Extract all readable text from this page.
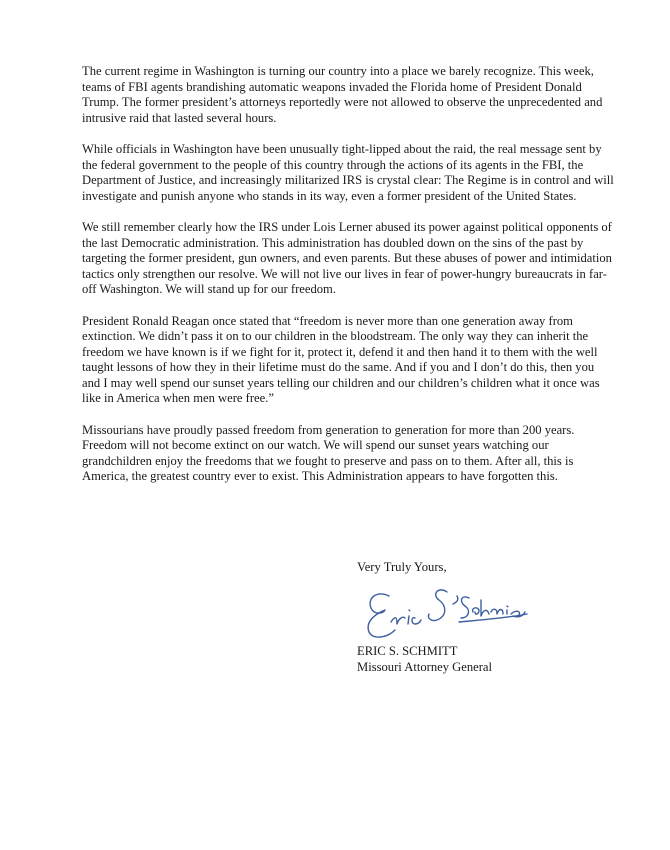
The current regime in Washington is turning our country into a place we barely recognize. This week, teams of FBI agents brandishing automatic weapons invaded the Florida home of President Donald Trump. The former president’s attorneys reportedly were not allowed to observe the unprecedented and intrusive raid that lasted several hours.

While officials in Washington have been unusually tight-lipped about the raid, the real message sent by the federal government to the people of this country through the actions of its agents in the FBI, the Department of Justice, and increasingly militarized IRS is crystal clear: The Regime is in control and will investigate and punish anyone who stands in its way, even a former president of the United States.

We still remember clearly how the IRS under Lois Lerner abused its power against political opponents of the last Democratic administration. This administration has doubled down on the sins of the past by targeting the former president, gun owners, and even parents. But these abuses of power and intimidation tactics only strengthen our resolve. We will not live our lives in fear of power-hungry bureaucrats in far-off Washington. We will stand up for our freedom.

President Ronald Reagan once stated that “freedom is never more than one generation away from extinction. We didn’t pass it on to our children in the bloodstream. The only way they can inherit the freedom we have known is if we fight for it, protect it, defend it and then hand it to them with the well taught lessons of how they in their lifetime must do the same. And if you and I don’t do this, then you and I may well spend our sunset years telling our children and our children’s children what it once was like in America when men were free.”

Missourians have proudly passed freedom from generation to generation for more than 200 years. Freedom will not become extinct on our watch. We will spend our sunset years watching our grandchildren enjoy the freedoms that we fought to preserve and pass on to them. After all, this is America, the greatest country ever to exist. This Administration appears to have forgotten this.

Very Truly Yours,
ERIC S. SCHMITT
Missouri Attorney General
